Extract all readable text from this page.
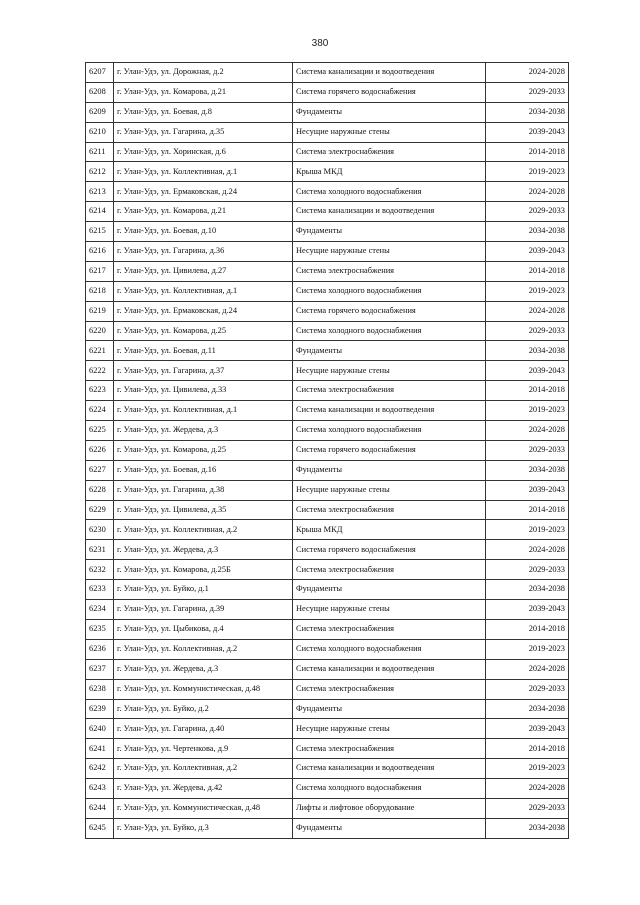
380
6207	г. Улан-Удэ, ул. Дорожная, д.2	Система канализации и водоотведения	2024-2028
6208	г. Улан-Удэ, ул. Комарова, д.21	Система горячего водоснабжения	2029-2033
6209	г. Улан-Удэ, ул. Боевая, д.8	Фундаменты	2034-2038
6210	г. Улан-Удэ, ул. Гагарина, д.35	Несущие наружные стены	2039-2043
6211	г. Улан-Удэ, ул. Хоринская, д.6	Система электроснабжения	2014-2018
6212	г. Улан-Удэ, ул. Коллективная, д.1	Крыша МКД	2019-2023
6213	г. Улан-Удэ, ул. Ермаковская, д.24	Система холодного водоснабжения	2024-2028
6214	г. Улан-Удэ, ул. Комарова, д.21	Система канализации и водоотведения	2029-2033
6215	г. Улан-Удэ, ул. Боевая, д.10	Фундаменты	2034-2038
6216	г. Улан-Удэ, ул. Гагарина, д.36	Несущие наружные стены	2039-2043
6217	г. Улан-Удэ, ул. Цивилева, д.27	Система электроснабжения	2014-2018
6218	г. Улан-Удэ, ул. Коллективная, д.1	Система холодного водоснабжения	2019-2023
6219	г. Улан-Удэ, ул. Ермаковская, д.24	Система горячего водоснабжения	2024-2028
6220	г. Улан-Удэ, ул. Комарова, д.25	Система холодного водоснабжения	2029-2033
6221	г. Улан-Удэ, ул. Боевая, д.11	Фундаменты	2034-2038
6222	г. Улан-Удэ, ул. Гагарина, д.37	Несущие наружные стены	2039-2043
6223	г. Улан-Удэ, ул. Цивилева, д.33	Система электроснабжения	2014-2018
6224	г. Улан-Удэ, ул. Коллективная, д.1	Система канализации и водоотведения	2019-2023
6225	г. Улан-Удэ, ул. Жердева, д.3	Система холодного водоснабжения	2024-2028
6226	г. Улан-Удэ, ул. Комарова, д.25	Система горячего водоснабжения	2029-2033
6227	г. Улан-Удэ, ул. Боевая, д.16	Фундаменты	2034-2038
6228	г. Улан-Удэ, ул. Гагарина, д.38	Несущие наружные стены	2039-2043
6229	г. Улан-Удэ, ул. Цивилева, д.35	Система электроснабжения	2014-2018
6230	г. Улан-Удэ, ул. Коллективная, д.2	Крыша МКД	2019-2023
6231	г. Улан-Удэ, ул. Жердева, д.3	Система горячего водоснабжения	2024-2028
6232	г. Улан-Удэ, ул. Комарова, д.25Б	Система электроснабжения	2029-2033
6233	г. Улан-Удэ, ул. Буйко, д.1	Фундаменты	2034-2038
6234	г. Улан-Удэ, ул. Гагарина, д.39	Несущие наружные стены	2039-2043
6235	г. Улан-Удэ, ул. Цыбикова, д.4	Система электроснабжения	2014-2018
6236	г. Улан-Удэ, ул. Коллективная, д.2	Система холодного водоснабжения	2019-2023
6237	г. Улан-Удэ, ул. Жердева, д.3	Система канализации и водоотведения	2024-2028
6238	г. Улан-Удэ, ул. Коммунистическая, д.48	Система электроснабжения	2029-2033
6239	г. Улан-Удэ, ул. Буйко, д.2	Фундаменты	2034-2038
6240	г. Улан-Удэ, ул. Гагарина, д.40	Несущие наружные стены	2039-2043
6241	г. Улан-Удэ, ул. Чертенкова, д.9	Система электроснабжения	2014-2018
6242	г. Улан-Удэ, ул. Коллективная, д.2	Система канализации и водоотведения	2019-2023
6243	г. Улан-Удэ, ул. Жердева, д.42	Система холодного водоснабжения	2024-2028
6244	г. Улан-Удэ, ул. Коммунистическая, д.48	Лифты и лифтовое оборудование	2029-2033
6245	г. Улан-Удэ, ул. Буйко, д.3	Фундаменты	2034-2038
